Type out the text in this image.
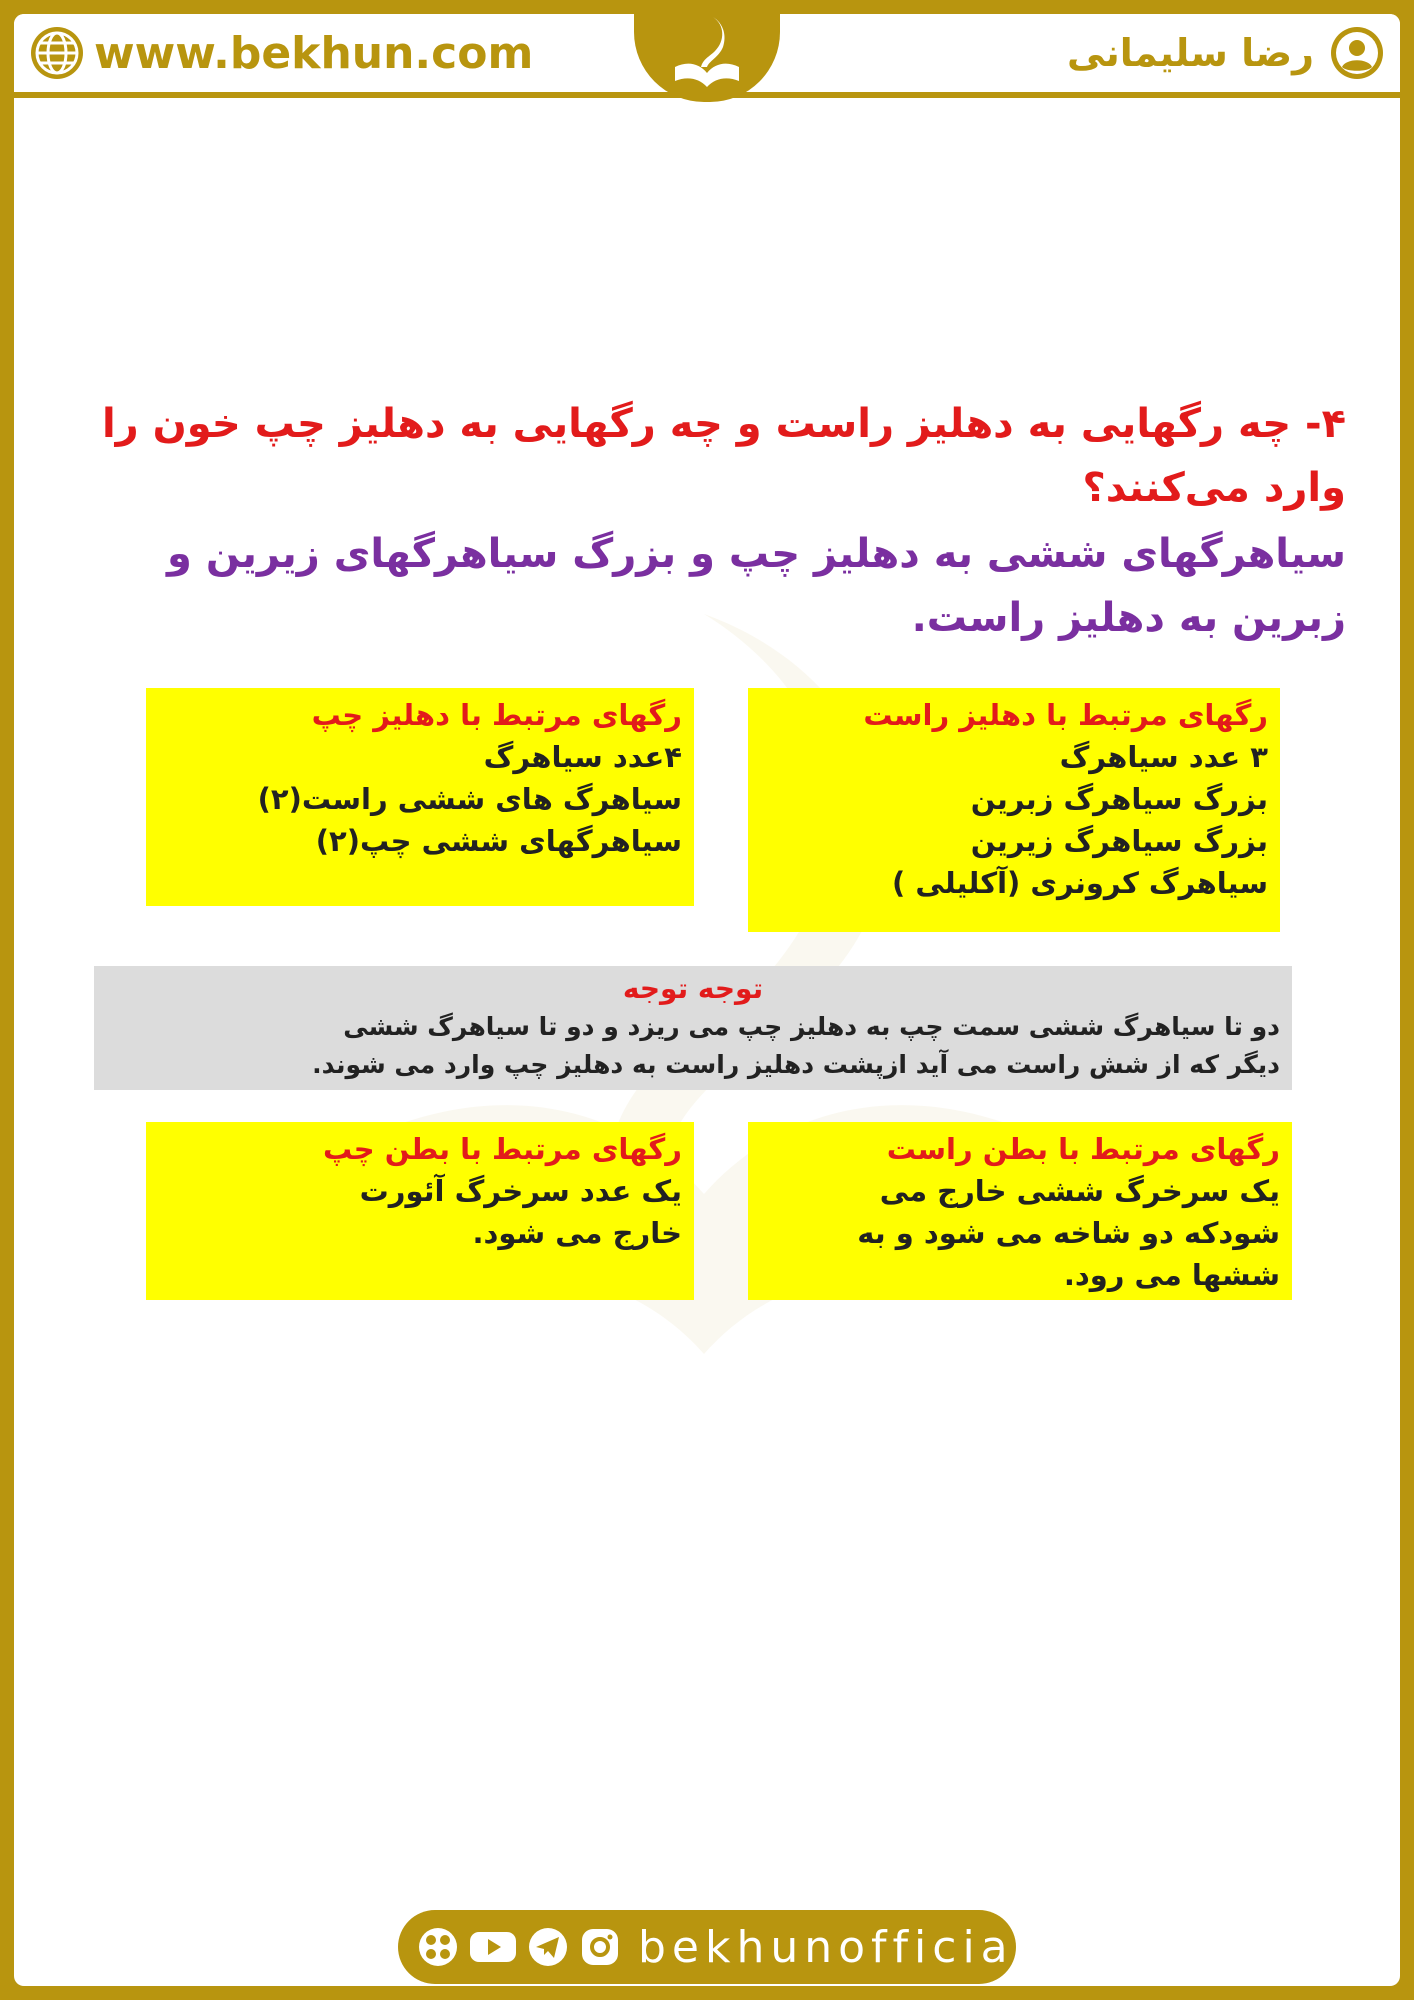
www.bekhun.com	رضا سلیمانی
۴- چه رگهایی به دهلیز راست و چه رگهایی به دهلیز چپ خون را وارد می‌کنند؟
سیاهرگهای ششی به دهلیز چپ و بزرگ سیاهرگهای زیرین و زبرین به دهلیز راست.
رگهای مرتبط با دهلیز راست
۳ عدد سیاهرگ
بزرگ سیاهرگ زبرین
بزرگ سیاهرگ زیرین
سیاهرگ کرونری (آکلیلی )
رگهای مرتبط با دهلیز چپ
۴عدد سیاهرگ
سیاهرگ های ششی راست(۲)
سیاهرگهای ششی چپ(۲)
توجه توجه
دو تا سیاهرگ ششی سمت چپ به دهلیز چپ می ریزد و دو تا سیاهرگ ششی
دیگر که از شش راست می آید ازپشت دهلیز راست به دهلیز چپ وارد می شوند.
رگهای مرتبط با بطن راست
یک سرخرگ ششی خارج می
شودکه دو شاخه می شود و به
ششها می رود.
رگهای مرتبط با بطن چپ
یک عدد سرخرگ آئورت
خارج می شود.
bekhunofficial
